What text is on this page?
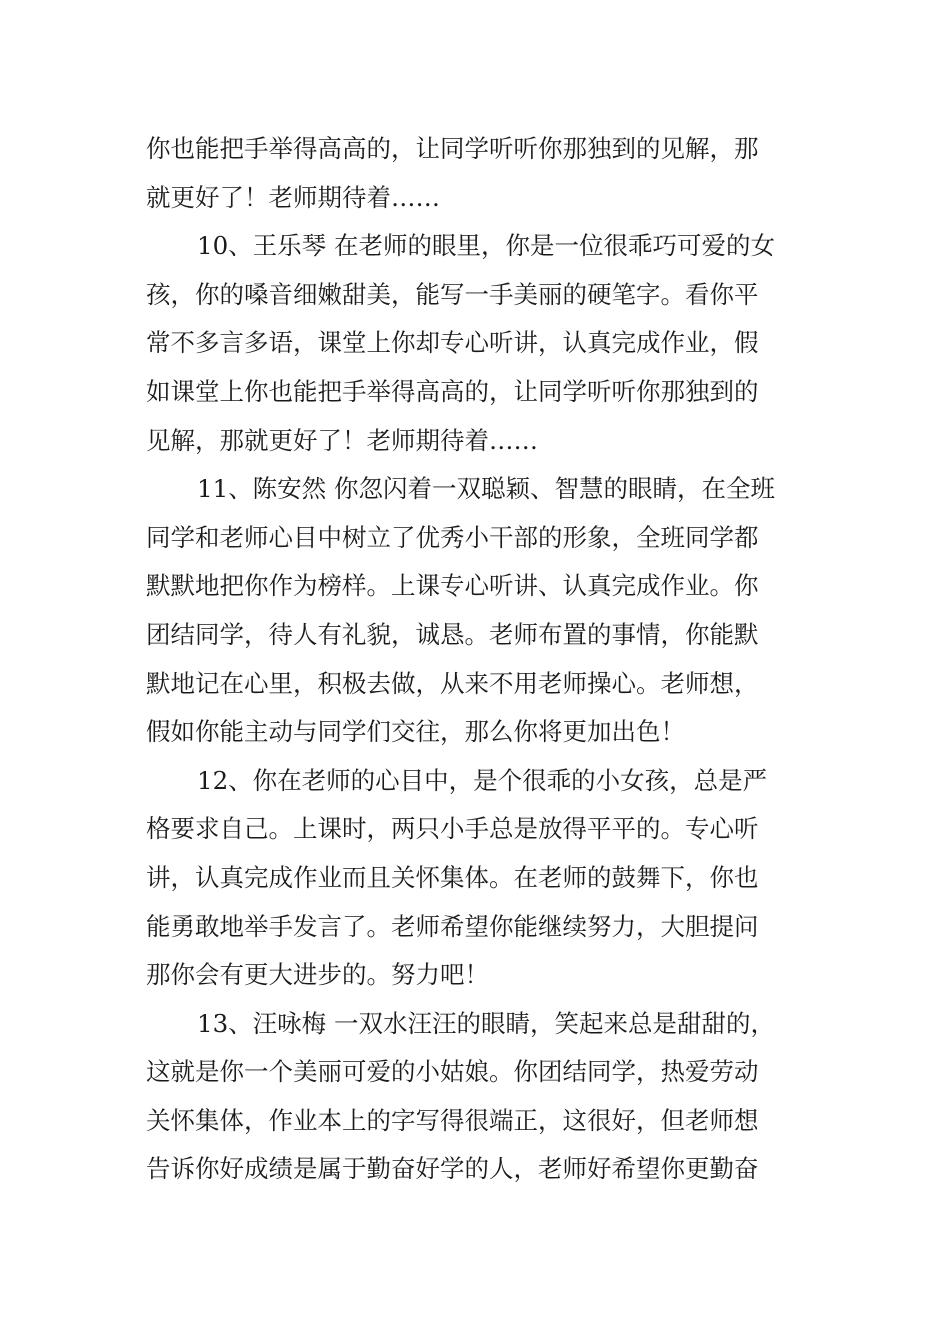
你也能把手举得高高的，让同学听听你那独到的见解，那
就更好了！老师期待着……
10、王乐琴 在老师的眼里，你是一位很乖巧可爱的女
孩，你的嗓音细嫩甜美，能写一手美丽的硬笔字。看你平
常不多言多语，课堂上你却专心听讲，认真完成作业，假
如课堂上你也能把手举得高高的，让同学听听你那独到的
见解，那就更好了！老师期待着……
11、陈安然 你忽闪着一双聪颖、智慧的眼睛，在全班
同学和老师心目中树立了优秀小干部的形象，全班同学都
默默地把你作为榜样。上课专心听讲、认真完成作业。你
团结同学，待人有礼貌，诚恳。老师布置的事情，你能默
默地记在心里，积极去做，从来不用老师操心。老师想，
假如你能主动与同学们交往，那么你将更加出色！
12、你在老师的心目中，是个很乖的小女孩，总是严
格要求自己。上课时，两只小手总是放得平平的。专心听
讲，认真完成作业而且关怀集体。在老师的鼓舞下，你也
能勇敢地举手发言了。老师希望你能继续努力，大胆提问
那你会有更大进步的。努力吧！
13、汪咏梅 一双水汪汪的眼睛，笑起来总是甜甜的，
这就是你一个美丽可爱的小姑娘。你团结同学，热爱劳动
关怀集体，作业本上的字写得很端正，这很好，但老师想
告诉你好成绩是属于勤奋好学的人，老师好希望你更勤奋
